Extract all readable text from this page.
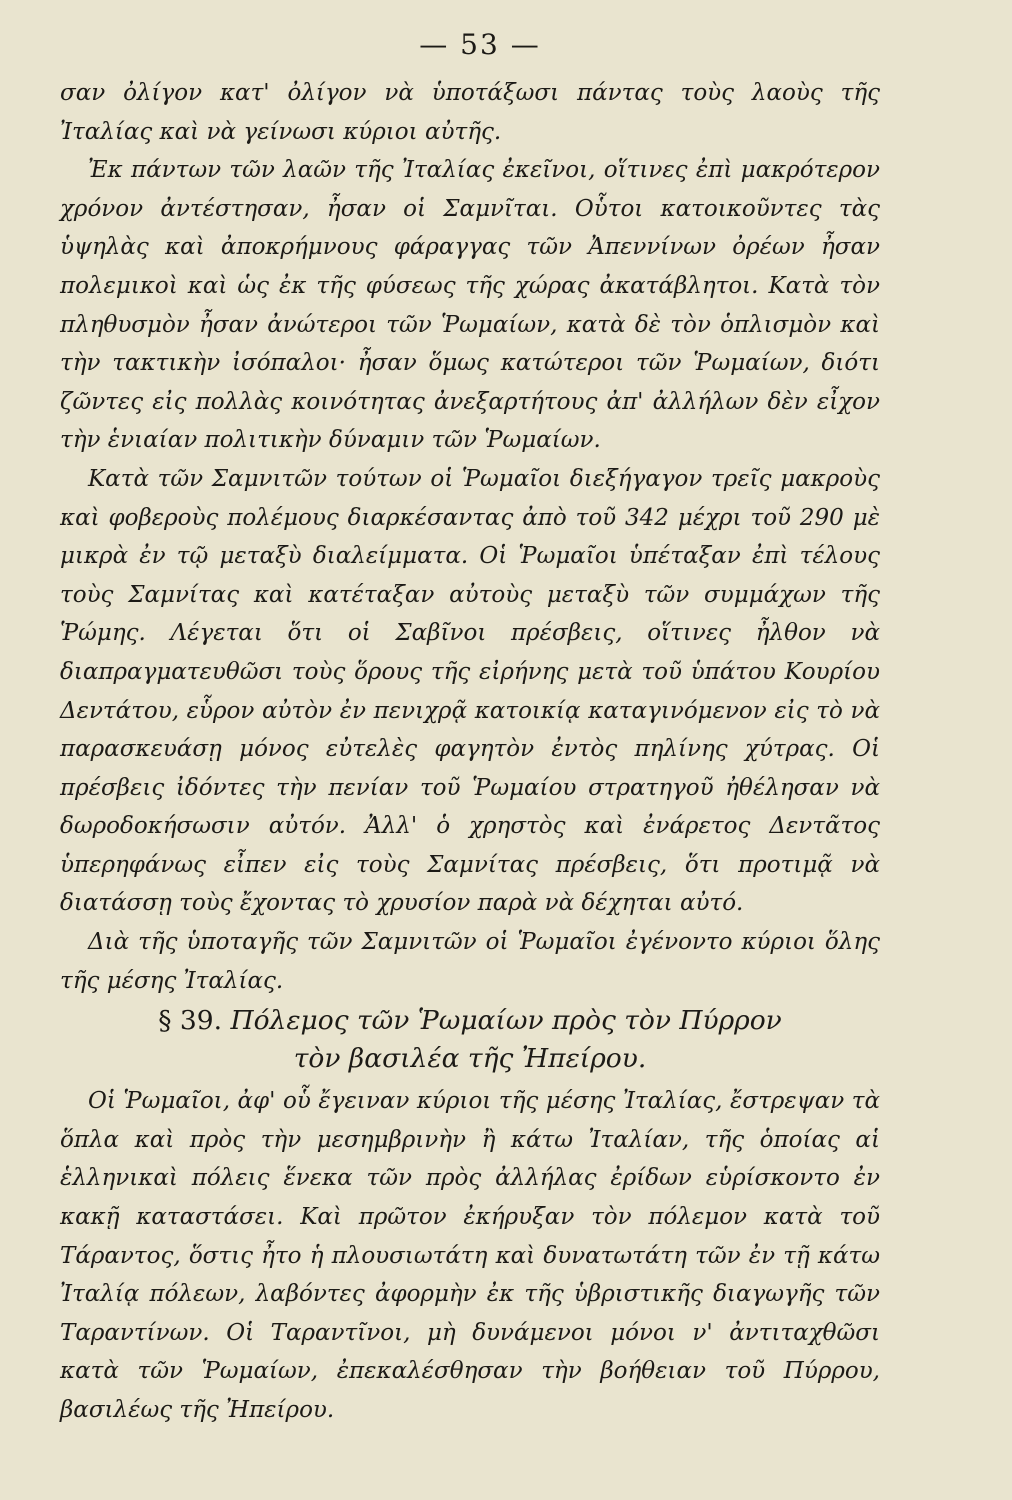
— 53 —

σαν ὀλίγον κατ' ὀλίγον νὰ ὑποτάξωσι πάντας τοὺς λαοὺς τῆς Ἰταλίας καὶ νὰ γείνωσι κύριοι αὐτῆς.

Ἐκ πάντων τῶν λαῶν τῆς Ἰταλίας ἐκεῖνοι, οἵτινες ἐπὶ μακρότερον χρόνον ἀντέστησαν, ἦσαν οἱ Σαμνῖται. Οὗτοι κατοικοῦντες τὰς ὑψηλὰς καὶ ἀποκρήμνους φάραγγας τῶν Ἀπεννίνων ὀρέων ἦσαν πολεμικοὶ καὶ ὡς ἐκ τῆς φύσεως τῆς χώρας ἀκατάβλητοι. Κατὰ τὸν πληθυσμὸν ἦσαν ἀνώτεροι τῶν Ῥωμαίων, κατὰ δὲ τὸν ὁπλισμὸν καὶ τὴν τακτικὴν ἰσόπαλοι· ἦσαν ὅμως κατώτεροι τῶν Ῥωμαίων, διότι ζῶντες εἰς πολλὰς κοινότητας ἀνεξαρτήτους ἀπ' ἀλλήλων δὲν εἶχον τὴν ἑνιαίαν πολιτικὴν δύναμιν τῶν Ῥωμαίων.

Κατὰ τῶν Σαμνιτῶν τούτων οἱ Ῥωμαῖοι διεξήγαγον τρεῖς μακροὺς καὶ φοβεροὺς πολέμους διαρκέσαντας ἀπὸ τοῦ 342 μέχρι τοῦ 290 μὲ μικρὰ ἐν τῷ μεταξὺ διαλείμματα. Οἱ Ῥωμαῖοι ὑπέταξαν ἐπὶ τέλους τοὺς Σαμνίτας καὶ κατέταξαν αὐτοὺς μεταξὺ τῶν συμμάχων τῆς Ῥώμης. Λέγεται ὅτι οἱ Σαβῖνοι πρέσβεις, οἵτινες ἦλθον νὰ διαπραγματευθῶσι τοὺς ὅρους τῆς εἰρήνης μετὰ τοῦ ὑπάτου Κουρίου Δεντάτου, εὗρον αὐτὸν ἐν πενιχρᾷ κατοικίᾳ καταγινόμενον εἰς τὸ νὰ παρασκευάσῃ μόνος εὐτελὲς φαγητὸν ἐντὸς πηλίνης χύτρας. Οἱ πρέσβεις ἰδόντες τὴν πενίαν τοῦ Ῥωμαίου στρατηγοῦ ἠθέλησαν νὰ δωροδοκήσωσιν αὐτόν. Ἀλλ' ὁ χρηστὸς καὶ ἐνάρετος Δεντᾶτος ὑπερηφάνως εἶπεν εἰς τοὺς Σαμνίτας πρέσβεις, ὅτι προτιμᾷ νὰ διατάσσῃ τοὺς ἔχοντας τὸ χρυσίον παρὰ νὰ δέχηται αὐτό.

Διὰ τῆς ὑποταγῆς τῶν Σαμνιτῶν οἱ Ῥωμαῖοι ἐγένοντο κύριοι ὅλης τῆς μέσης Ἰταλίας.

§ 39. Πόλεμος τῶν Ῥωμαίων πρὸς τὸν Πύρρον
τὸν βασιλέα τῆς Ἠπείρου.

Οἱ Ῥωμαῖοι, ἀφ' οὗ ἔγειναν κύριοι τῆς μέσης Ἰταλίας, ἔστρεψαν τὰ ὅπλα καὶ πρὸς τὴν μεσημβρινὴν ἢ κάτω Ἰταλίαν, τῆς ὁποίας αἱ ἑλληνικαὶ πόλεις ἕνεκα τῶν πρὸς ἀλλήλας ἐρίδων εὑρίσκοντο ἐν κακῇ καταστάσει. Καὶ πρῶτον ἐκήρυξαν τὸν πόλεμον κατὰ τοῦ Τάραντος, ὅστις ἦτο ἡ πλουσιωτάτη καὶ δυνατωτάτη τῶν ἐν τῇ κάτω Ἰταλίᾳ πόλεων, λαβόντες ἀφορμὴν ἐκ τῆς ὑβριστικῆς διαγωγῆς τῶν Ταραντίνων. Οἱ Ταραντῖνοι, μὴ δυνάμενοι μόνοι ν' ἀντιταχθῶσι κατὰ τῶν Ῥωμαίων, ἐπεκαλέσθησαν τὴν βοήθειαν τοῦ Πύρρου, βασιλέως τῆς Ἠπείρου.
